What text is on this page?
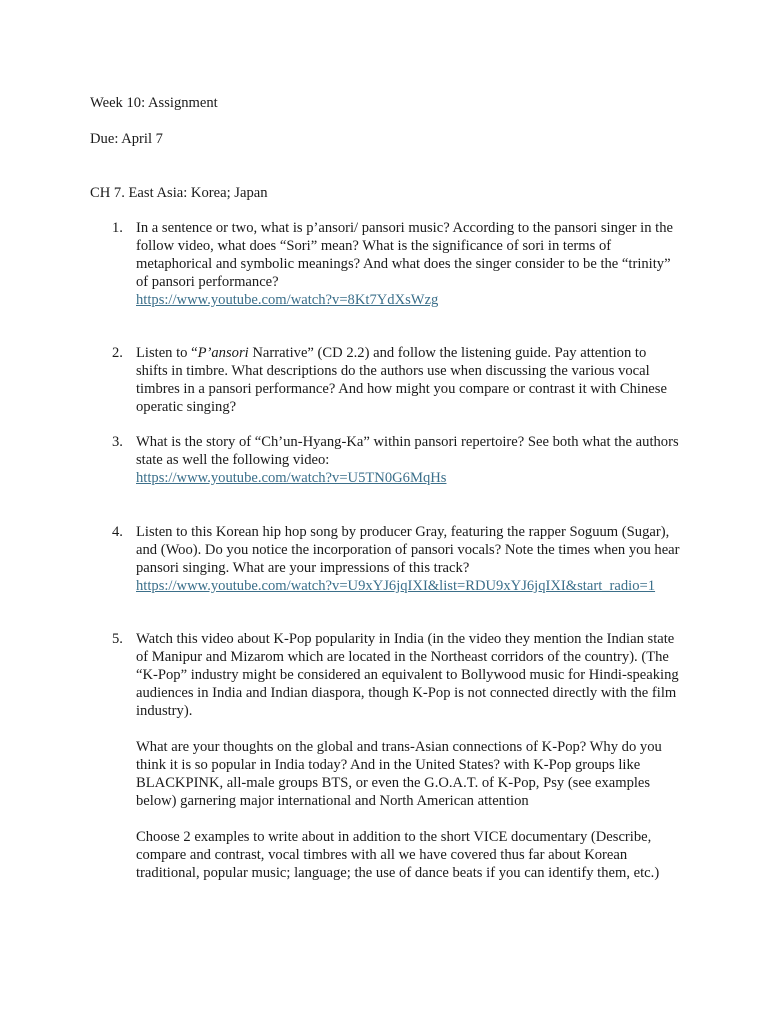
Week 10: Assignment

Due: April 7

CH 7. East Asia: Korea; Japan

1. In a sentence or two, what is p’ansori/ pansori music? According to the pansori singer in the follow video, what does “Sori” mean? What is the significance of sori in terms of metaphorical and symbolic meanings? And what does the singer consider to be the “trinity” of pansori performance?

https://www.youtube.com/watch?v=8Kt7YdXsWzg

2. Listen to “P’ansori Narrative” (CD 2.2) and follow the listening guide. Pay attention to shifts in timbre. What descriptions do the authors use when discussing the various vocal timbres in a pansori performance? And how might you compare or contrast it with Chinese operatic singing?

3. What is the story of “Ch’un-Hyang-Ka” within pansori repertoire? See both what the authors state as well the following video:

https://www.youtube.com/watch?v=U5TN0G6MqHs

4. Listen to this Korean hip hop song by producer Gray, featuring the rapper Soguum (Sugar), and (Woo). Do you notice the incorporation of pansori vocals? Note the times when you hear pansori singing. What are your impressions of this track?

https://www.youtube.com/watch?v=U9xYJ6jqIXI&list=RDU9xYJ6jqIXI&start_radio=1

5. Watch this video about K-Pop popularity in India (in the video they mention the Indian state of Manipur and Mizarom which are located in the Northeast corridors of the country). (The “K-Pop” industry might be considered an equivalent to Bollywood music for Hindi-speaking audiences in India and Indian diaspora, though K-Pop is not connected directly with the film industry).

What are your thoughts on the global and trans-Asian connections of K-Pop? Why do you think it is so popular in India today? And in the United States? with K-Pop groups like BLACKPINK, all-male groups BTS, or even the G.O.A.T. of K-Pop, Psy (see examples below) garnering major international and North American attention

Choose 2 examples to write about in addition to the short VICE documentary (Describe, compare and contrast, vocal timbres with all we have covered thus far about Korean traditional, popular music; language; the use of dance beats if you can identify them, etc.)
